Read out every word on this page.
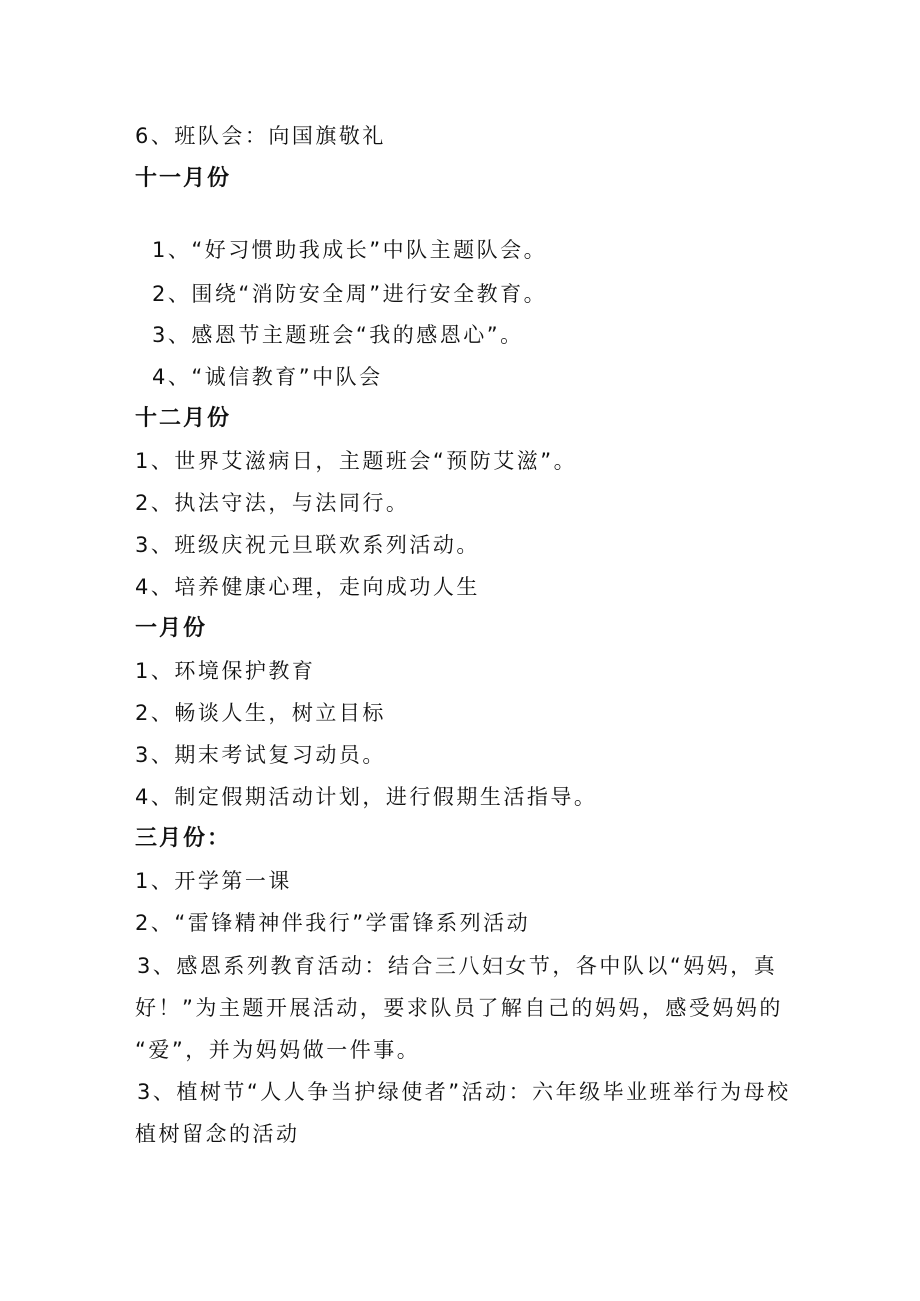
6、班队会：向国旗敬礼
十一月份
1、“好习惯助我成长”中队主题队会。
2、围绕“消防安全周”进行安全教育。
3、感恩节主题班会“我的感恩心”。
4、“诚信教育”中队会
十二月份
1、世界艾滋病日，主题班会“预防艾滋”。
2、执法守法，与法同行。
3、班级庆祝元旦联欢系列活动。
4、培养健康心理，走向成功人生
一月份
1、环境保护教育
2、畅谈人生，树立目标
3、期末考试复习动员。
4、制定假期活动计划，进行假期生活指导。
三月份：
1、开学第一课
2、“雷锋精神伴我行”学雷锋系列活动
3、感恩系列教育活动：结合三八妇女节，各中队以“妈妈，真
好！”为主题开展活动，要求队员了解自己的妈妈，感受妈妈的
“爱”，并为妈妈做一件事。
3、植树节“人人争当护绿使者”活动：六年级毕业班举行为母校
植树留念的活动
